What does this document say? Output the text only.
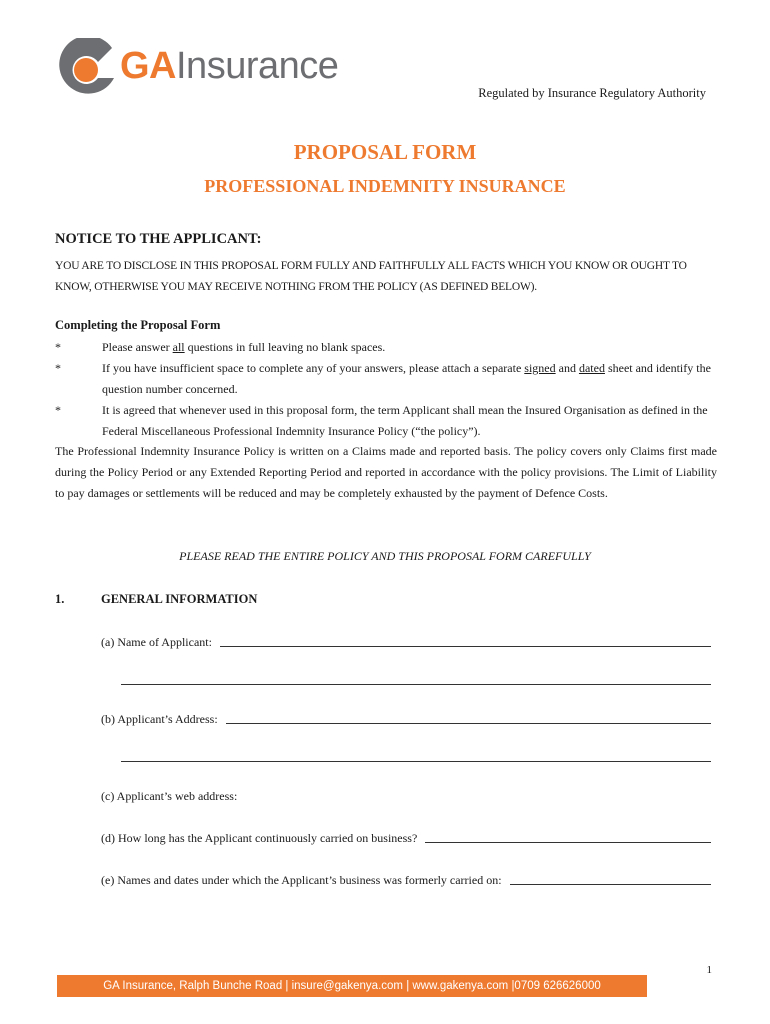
GAInsurance
Regulated by Insurance Regulatory Authority
PROPOSAL FORM
PROFESSIONAL INDEMNITY INSURANCE
NOTICE TO THE APPLICANT:
YOU ARE TO DISCLOSE IN THIS PROPOSAL FORM FULLY AND FAITHFULLY ALL FACTS WHICH YOU KNOW OR OUGHT TO KNOW, OTHERWISE YOU MAY RECEIVE NOTHING FROM THE POLICY (AS DEFINED BELOW).
Completing the Proposal Form
*	Please answer all questions in full leaving no blank spaces.
*	If you have insufficient space to complete any of your answers, please attach a separate signed and dated sheet and identify the question number concerned.
*	It is agreed that whenever used in this proposal form, the term Applicant shall mean the Insured Organisation as defined in the Federal Miscellaneous Professional Indemnity Insurance Policy (“the policy”).
The Professional Indemnity Insurance Policy is written on a Claims made and reported basis. The policy covers only Claims first made during the Policy Period or any Extended Reporting Period and reported in accordance with the policy provisions. The Limit of Liability to pay damages or settlements will be reduced and may be completely exhausted by the payment of Defence Costs.
PLEASE READ THE ENTIRE POLICY AND THIS PROPOSAL FORM CAREFULLY
1.	GENERAL INFORMATION
(a) Name of Applicant:
(b) Applicant’s Address:
(c) Applicant’s web address:
(d) How long has the Applicant continuously carried on business?
(e) Names and dates under which the Applicant’s business was formerly carried on:
1
GA Insurance, Ralph Bunche Road | insure@gakenya.com | www.gakenya.com |0709 626626000
